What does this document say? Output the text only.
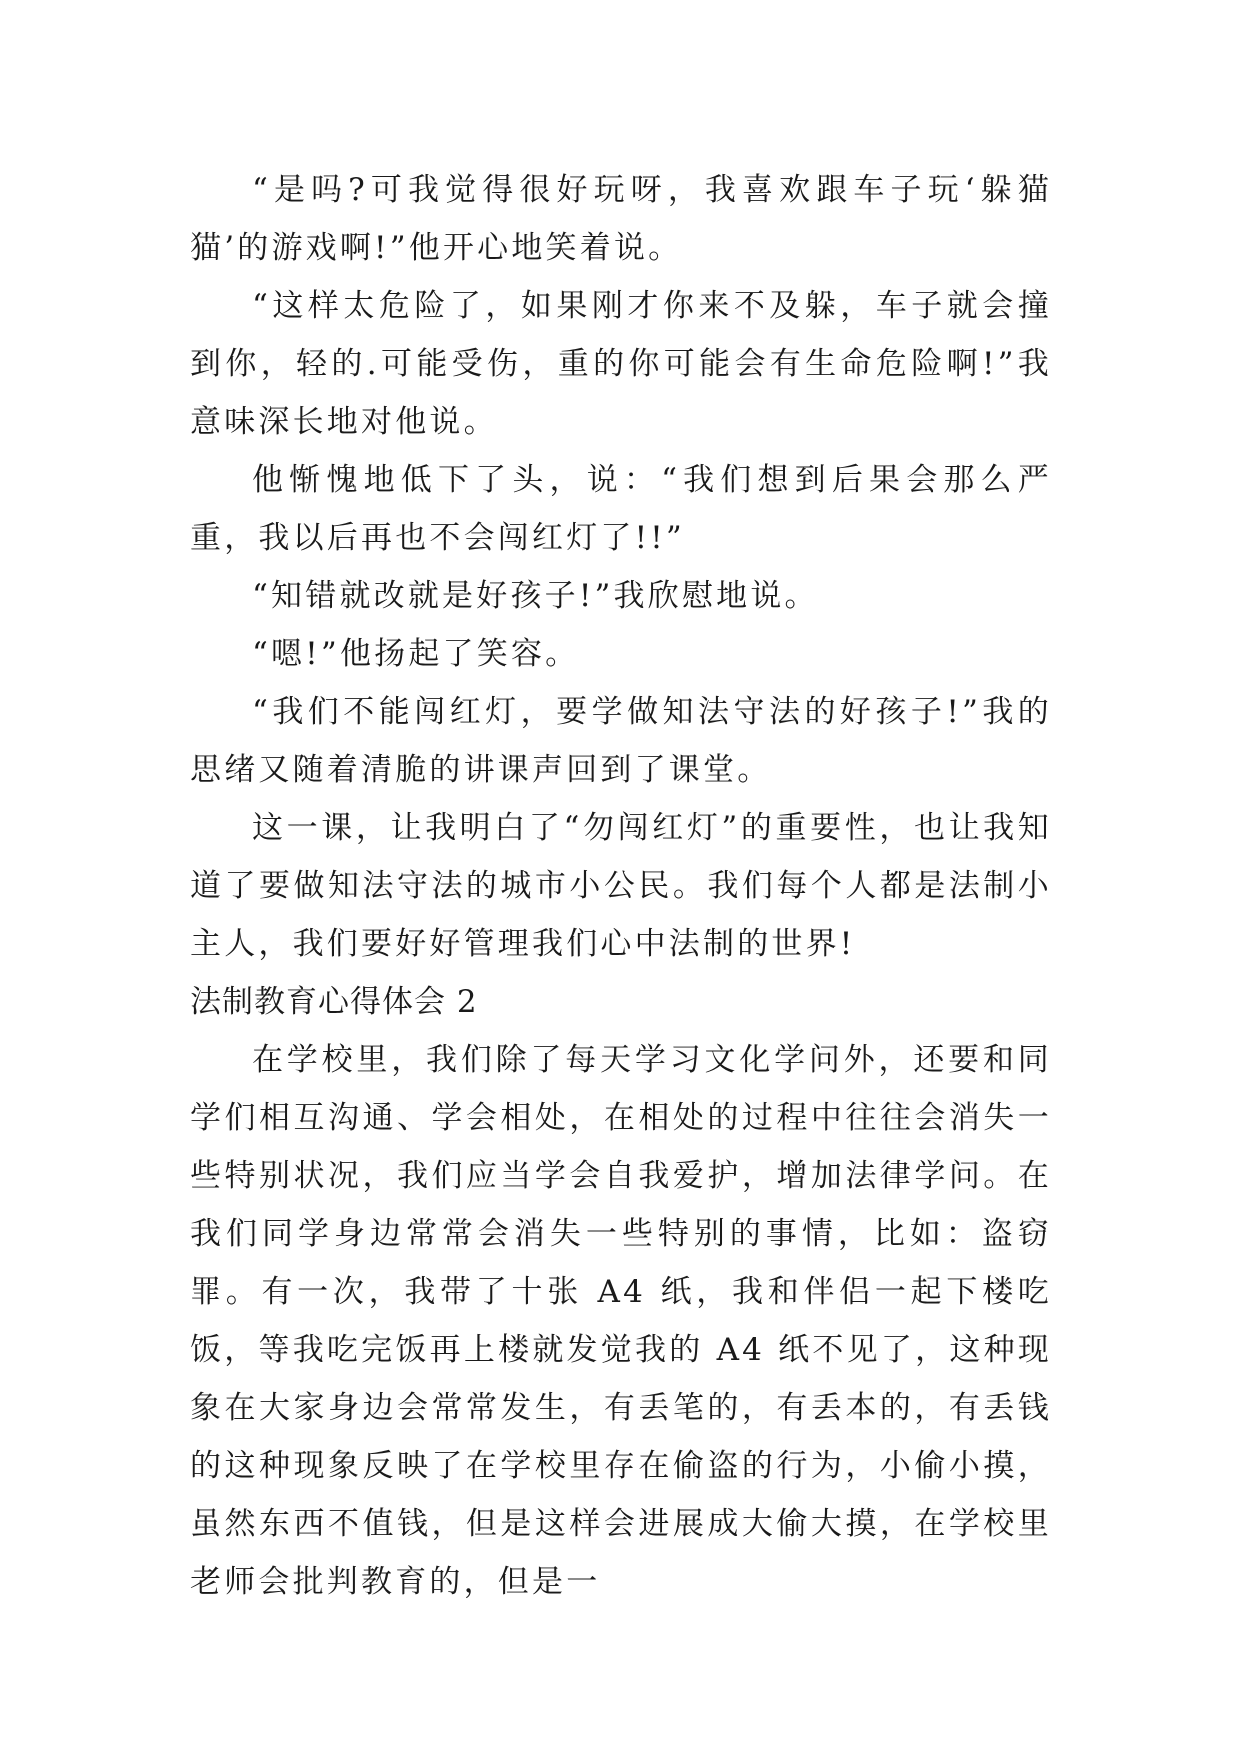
“是吗?可我觉得很好玩呀，我喜欢跟车子玩‘躲猫猫’的游戏啊!”他开心地笑着说。

“这样太危险了，如果刚才你来不及躲，车子就会撞到你，轻的.可能受伤，重的你可能会有生命危险啊!”我意味深长地对他说。

他惭愧地低下了头，说：“我们想到后果会那么严重，我以后再也不会闯红灯了!!”

“知错就改就是好孩子!”我欣慰地说。

“嗯!”他扬起了笑容。

“我们不能闯红灯，要学做知法守法的好孩子!”我的思绪又随着清脆的讲课声回到了课堂。

这一课，让我明白了“勿闯红灯”的重要性，也让我知道了要做知法守法的城市小公民。我们每个人都是法制小主人，我们要好好管理我们心中法制的世界!

法制教育心得体会 2

在学校里，我们除了每天学习文化学问外，还要和同学们相互沟通、学会相处，在相处的过程中往往会消失一些特别状况，我们应当学会自我爱护，增加法律学问。在我们同学身边常常会消失一些特别的事情，比如：盗窃罪。有一次，我带了十张 A4 纸，我和伴侣一起下楼吃饭，等我吃完饭再上楼就发觉我的 A4 纸不见了，这种现象在大家身边会常常发生，有丢笔的，有丢本的，有丢钱的这种现象反映了在学校里存在偷盗的行为，小偷小摸，虽然东西不值钱，但是这样会进展成大偷大摸，在学校里老师会批判教育的，但是一
